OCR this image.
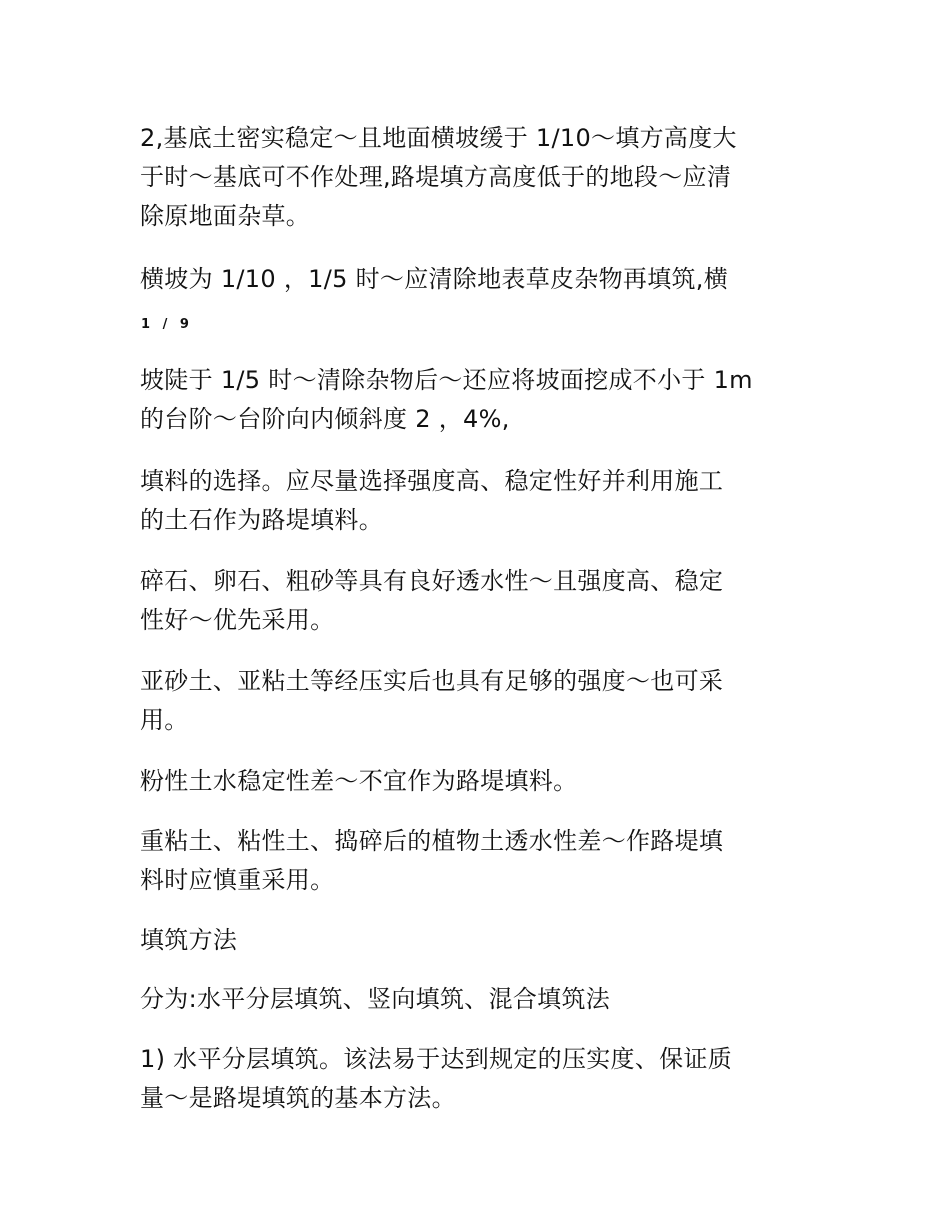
2,基底土密实稳定～且地面横坡缓于 1/10～填方高度大
于时～基底可不作处理,路堤填方高度低于的地段～应清
除原地面杂草。

横坡为 1/10 ，1/5 时～应清除地表草皮杂物再填筑,横

1 / 9

坡陡于 1/5 时～清除杂物后～还应将坡面挖成不小于 1m
的台阶～台阶向内倾斜度 2 ，4%,

填料的选择。应尽量选择强度高、稳定性好并利用施工
的土石作为路堤填料。

碎石、卵石、粗砂等具有良好透水性～且强度高、稳定
性好～优先采用。

亚砂土、亚粘土等经压实后也具有足够的强度～也可采
用。

粉性土水稳定性差～不宜作为路堤填料。

重粘土、粘性土、捣碎后的植物土透水性差～作路堤填
料时应慎重采用。

填筑方法

分为:水平分层填筑、竖向填筑、混合填筑法

1) 水平分层填筑。该法易于达到规定的压实度、保证质
量～是路堤填筑的基本方法。
